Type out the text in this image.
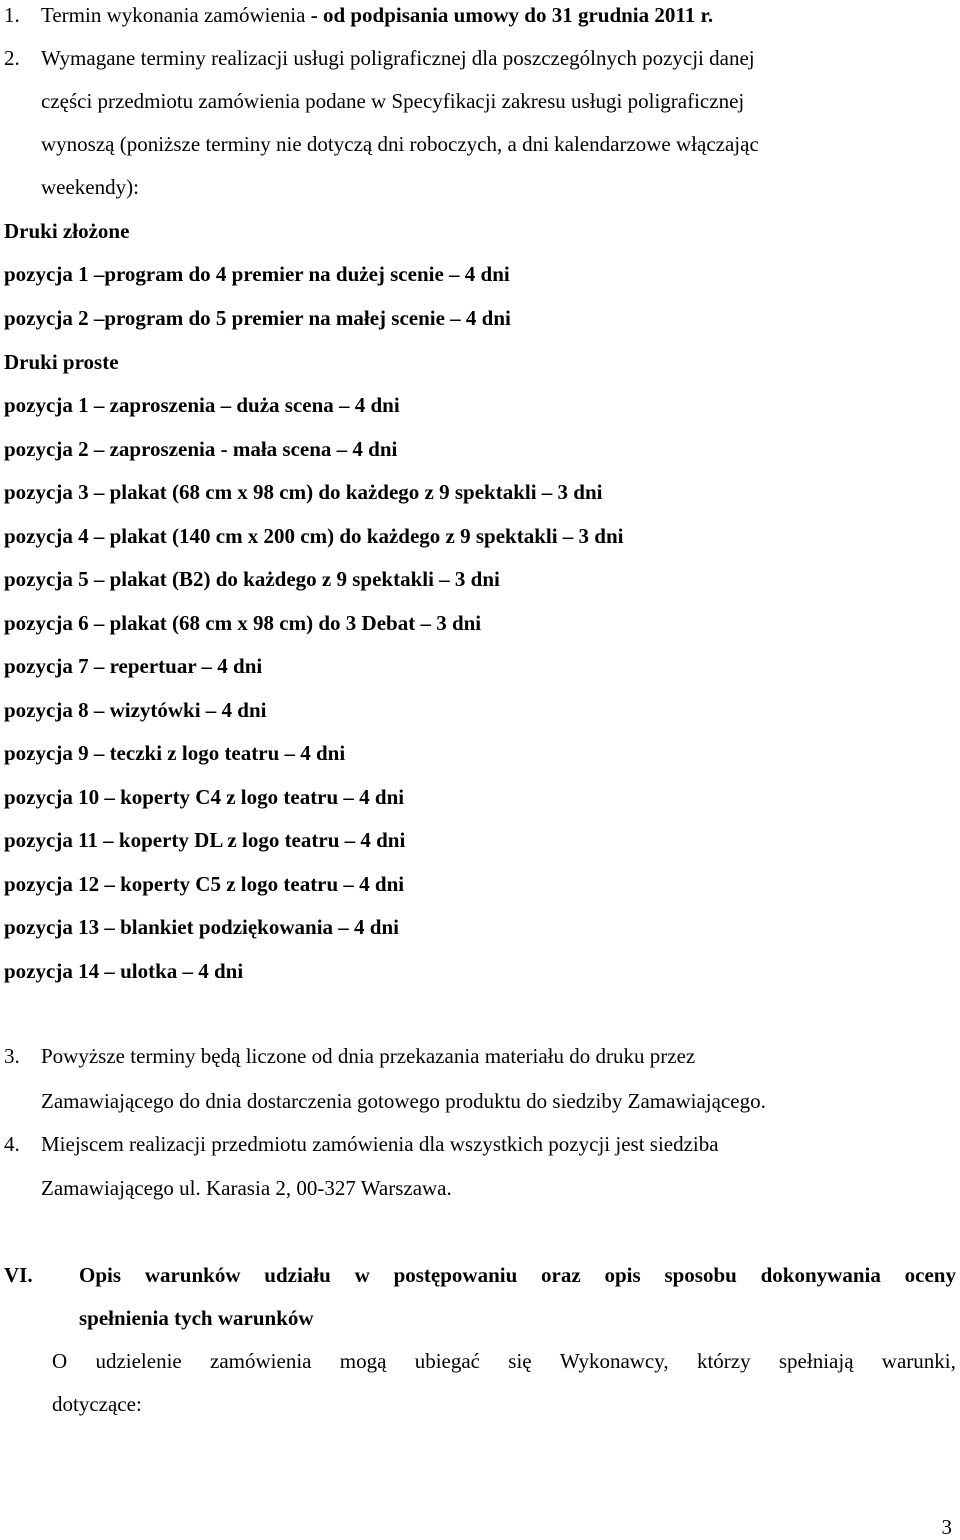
1. Termin wykonania zamówienia - od podpisania umowy do 31 grudnia 2011 r.
2. Wymagane terminy realizacji usługi poligraficznej dla poszczególnych pozycji danej
części przedmiotu zamówienia podane w Specyfikacji zakresu usługi poligraficznej
wynoszą (poniższe terminy nie dotyczą dni roboczych, a dni kalendarzowe włączając
weekendy):
Druki złożone
pozycja 1 –program do 4 premier na dużej scenie – 4 dni
pozycja 2 –program do 5 premier na małej scenie – 4 dni
Druki proste
pozycja 1 – zaproszenia – duża scena – 4 dni
pozycja 2 – zaproszenia - mała scena – 4 dni
pozycja 3 – plakat (68 cm x 98 cm) do każdego z 9 spektakli – 3 dni
pozycja 4 – plakat (140 cm x 200 cm) do każdego z 9 spektakli – 3 dni
pozycja 5 – plakat (B2) do każdego z 9 spektakli – 3 dni
pozycja 6 – plakat (68 cm x 98 cm) do 3 Debat – 3 dni
pozycja 7 – repertuar – 4 dni
pozycja 8 – wizytówki – 4 dni
pozycja 9 – teczki z logo teatru – 4 dni
pozycja 10 – koperty C4 z logo teatru – 4 dni
pozycja 11 – koperty DL z logo teatru – 4 dni
pozycja 12 – koperty C5 z logo teatru – 4 dni
pozycja 13 – blankiet podziękowania – 4 dni
pozycja 14 – ulotka – 4 dni
3. Powyższe terminy będą liczone od dnia przekazania materiału do druku przez
Zamawiającego do dnia dostarczenia gotowego produktu do siedziby Zamawiającego.
4. Miejscem realizacji przedmiotu zamówienia dla wszystkich pozycji jest siedziba
Zamawiającego ul. Karasia 2, 00-327 Warszawa.
VI. Opis warunków udziału w postępowaniu oraz opis sposobu dokonywania oceny
spełnienia tych warunków
O udzielenie zamówienia mogą ubiegać się Wykonawcy, którzy spełniają warunki,
dotyczące:
3
